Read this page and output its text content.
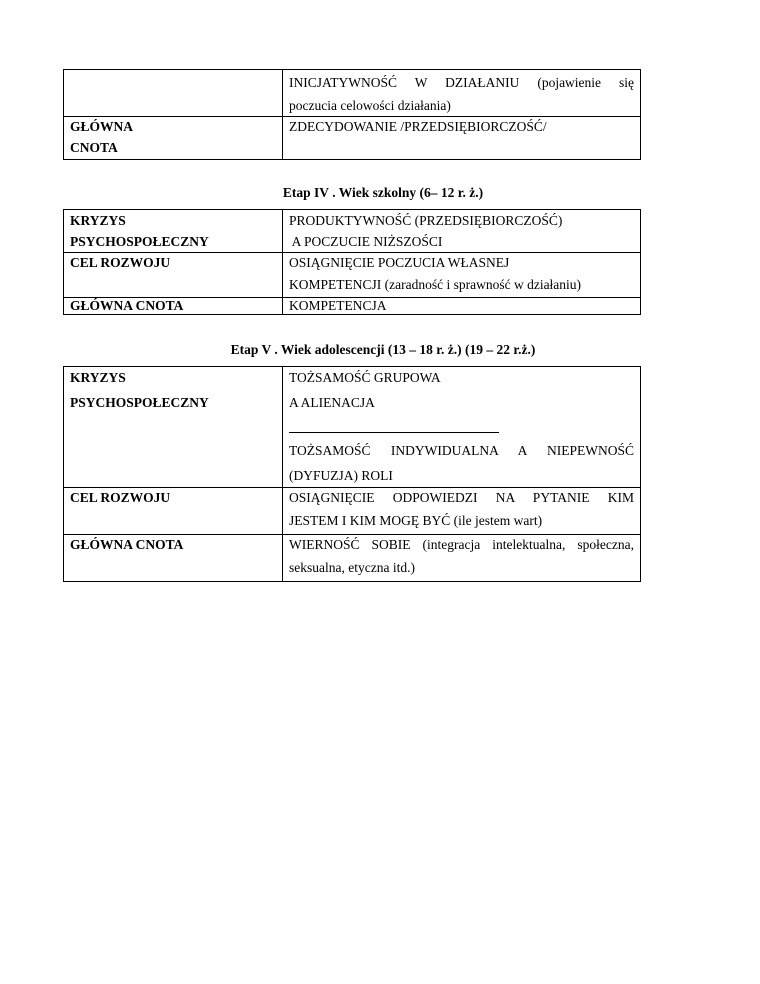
	INICJATYWNOŚĆ W DZIAŁANIU (pojawienie się
poczucia celowości działania)

GŁÓWNA
CNOTA	ZDECYDOWANIE /PRZEDSIĘBIORCZOŚĆ/
Etap IV . Wiek szkolny (6– 12 r. ż.)
KRYZYS
PSYCHOSPOŁECZNY	PRODUKTYWNOŚĆ (PRZEDSIĘBIORCZOŚĆ)
A POCZUCIE NIŻSZOŚCI

CEL ROZWOJU	OSIĄGNIĘCIE POCZUCIA WŁASNEJ
KOMPETENCJI (zaradność i sprawność w działaniu)

GŁÓWNA CNOTA	KOMPETENCJA
Etap V . Wiek adolescencji (13 – 18 r. ż.) (19 – 22 r.ż.)
KRYZYS
PSYCHOSPOŁECZNY	TOŻSAMOŚĆ GRUPOWA
A ALIENACJA
TOŻSAMOŚĆ INDYWIDUALNA A NIEPEWNOŚĆ
(DYFUZJA) ROLI

CEL ROZWOJU	OSIĄGNIĘCIE ODPOWIEDZI NA PYTANIE KIM
JESTEM I KIM MOGĘ BYĆ (ile jestem wart)

GŁÓWNA CNOTA	WIERNOŚĆ SOBIE (integracja intelektualna, społeczna,
seksualna, etyczna itd.)
